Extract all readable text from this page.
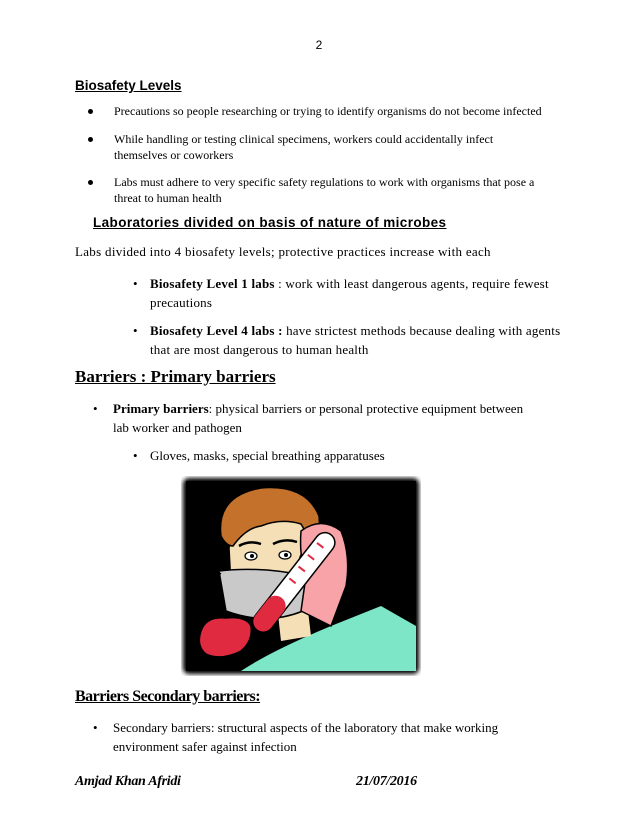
2
Biosafety Levels
Precautions so people researching or trying to identify organisms do not become infected
While handling or testing clinical specimens, workers could accidentally infect
themselves or coworkers
Labs must adhere to very specific safety regulations to work with organisms that pose a
threat to human health
Laboratories divided on basis of nature of microbes
Labs divided into 4 biosafety levels; protective practices increase with each
• Biosafety Level 1 labs : work with least dangerous agents, require fewest
precautions
• Biosafety Level 4 labs : have strictest methods because dealing with agents
that are most dangerous to human health
Barriers : Primary barriers
• Primary barriers: physical barriers or personal protective equipment between
lab worker and pathogen
• Gloves, masks, special breathing apparatuses
Barriers Secondary barriers:
• Secondary barriers: structural aspects of the laboratory that make working
environment safer against infection
Amjad Khan Afridi	21/07/2016
